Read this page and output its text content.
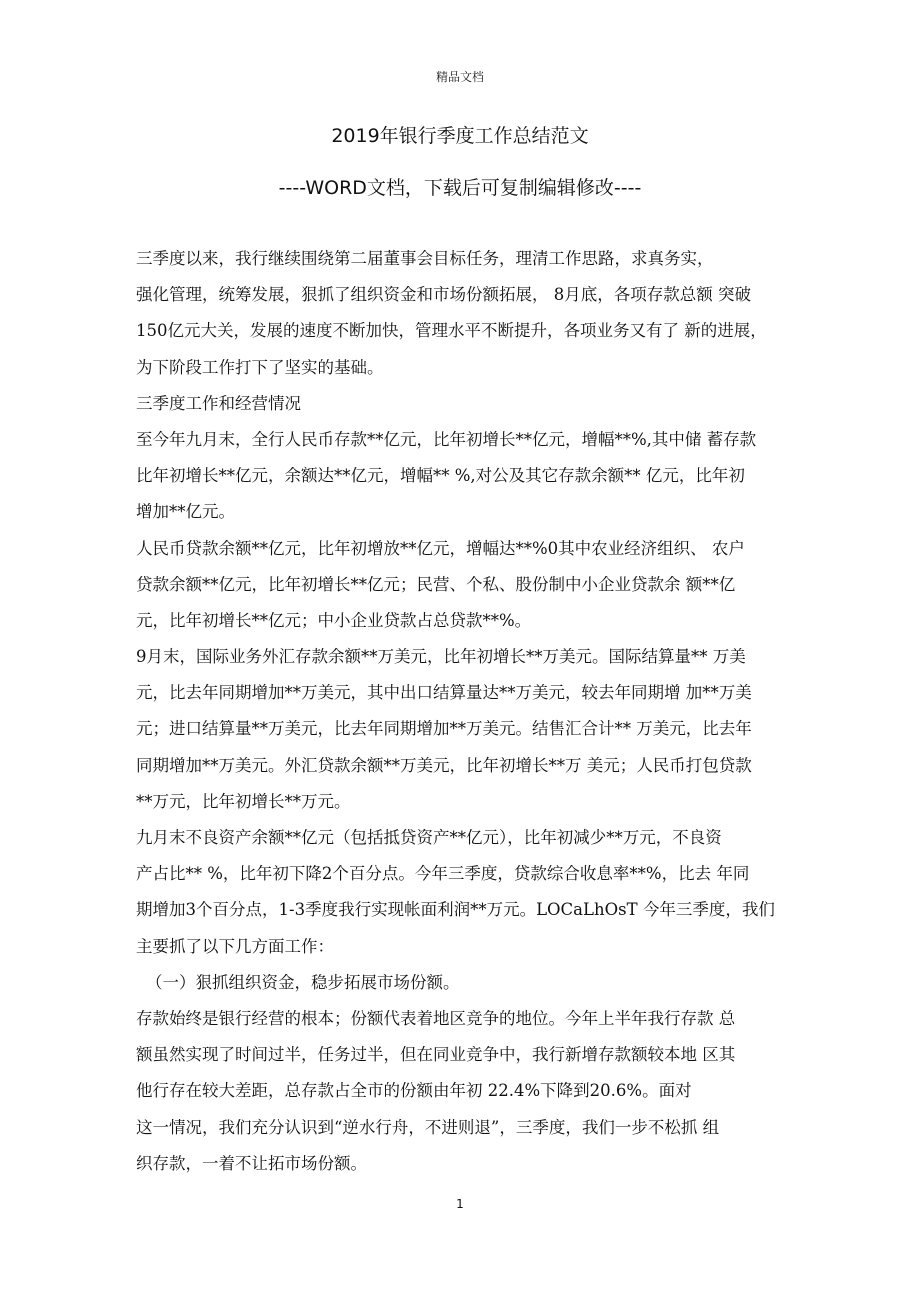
精品文档
2019年银行季度工作总结范文
----WORD文档，下载后可复制编辑修改----
三季度以来，我行继续围绕第二届董事会目标任务，理清工作思路，求真务实，
强化管理，统筹发展，狠抓了组织资金和市场份额拓展， 8月底，各项存款总额 突破
150亿元大关，发展的速度不断加快，管理水平不断提升，各项业务又有了 新的进展，
为下阶段工作打下了坚实的基础。
三季度工作和经营情况
至今年九月末，全行人民币存款**亿元，比年初增长**亿元，增幅**%,其中储 蓄存款
比年初增长**亿元，余额达**亿元，增幅** %,对公及其它存款余额** 亿元，比年初
增加**亿元。
人民币贷款余额**亿元，比年初增放**亿元，增幅达**%0其中农业经济组织、 农户
贷款余额**亿元，比年初增长**亿元；民营、个私、股份制中小企业贷款余 额**亿
元，比年初增长**亿元；中小企业贷款占总贷款**%。
9月末，国际业务外汇存款余额**万美元，比年初增长**万美元。国际结算量** 万美
元，比去年同期增加**万美元，其中出口结算量达**万美元，较去年同期增 加**万美
元；进口结算量**万美元，比去年同期增加**万美元。结售汇合计** 万美元，比去年
同期增加**万美元。外汇贷款余额**万美元，比年初增长**万 美元；人民币打包贷款
**万元，比年初增长**万元。
九月末不良资产余额**亿元（包括抵贷资产**亿元），比年初减少**万元，不良资
产占比** %，比年初下降2个百分点。今年三季度，贷款综合收息率**%，比去 年同
期增加3个百分点，1-3季度我行实现帐面利润**万元。LOCaLhOsT 今年三季度，我们
主要抓了以下几方面工作：
（一）狠抓组织资金，稳步拓展市场份额。
存款始终是银行经营的根本；份额代表着地区竞争的地位。今年上半年我行存款 总
额虽然实现了时间过半，任务过半，但在同业竞争中，我行新增存款额较本地 区其
他行存在较大差距，总存款占全市的份额由年初 22.4%下降到20.6%。面对
这一情况，我们充分认识到“逆水行舟，不进则退”，三季度，我们一步不松抓 组
织存款，一着不让拓市场份额。
1
